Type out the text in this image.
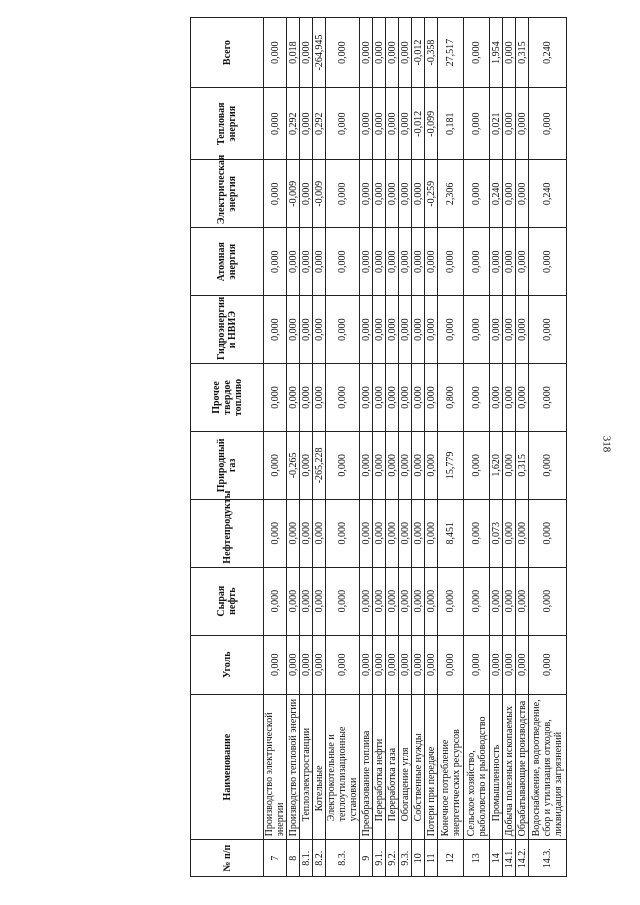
№ п/п	Наименование	Уголь	Сырая нефть	Нефтепродукты	Природный газ	Прочее твердое топливо	Гидроэнергия и НВИЭ	Атомная энергия	Электрическая энергия	Тепловая энергия	Всего
7	Производство электрической энергии	0,000	0,000	0,000	0,000	0,000	0,000	0,000	0,000	0,000	0,000
8	Производство тепловой энергии	0,000	0,000	0,000	-0,265	0,000	0,000	0,000	-0,009	0,292	0,018
8.1.	Теплоэлектростанции	0,000	0,000	0,000	0,000	0,000	0,000	0,000	0,000	0,000	0,000
8.2.	Котельные	0,000	0,000	0,000	-265,228	0,000	0,000	0,000	-0,009	0,292	-264,945
8.3.	Электрокотельные и теплоутилизационные установки	0,000	0,000	0,000	0,000	0,000	0,000	0,000	0,000	0,000	0,000
9	Преобразование топлива	0,000	0,000	0,000	0,000	0,000	0,000	0,000	0,000	0,000	0,000
9.1.	Переработка нефти	0,000	0,000	0,000	0,000	0,000	0,000	0,000	0,000	0,000	0,000
9.2.	Переработка газа	0,000	0,000	0,000	0,000	0,000	0,000	0,000	0,000	0,000	0,000
9.3.	Обогащение угля	0,000	0,000	0,000	0,000	0,000	0,000	0,000	0,000	0,000	0,000
10	Собственные нужды	0,000	0,000	0,000	0,000	0,000	0,000	0,000	0,000	-0,012	-0,012
11	Потери при передаче	0,000	0,000	0,000	0,000	0,000	0,000	0,000	-0,259	-0,099	-0,358
12	Конечное потребление энергетических ресурсов	0,000	0,000	8,451	15,779	0,800	0,000	0,000	2,306	0,181	27,517
13	Сельское хозяйство, рыболовство и рыбоводство	0,000	0,000	0,000	0,000	0,000	0,000	0,000	0,000	0,000	0,000
14	Промышленность	0,000	0,000	0,073	1,620	0,000	0,000	0,000	0,240	0,021	1,954
14.1.	Добыча полезных ископаемых	0,000	0,000	0,000	0,000	0,000	0,000	0,000	0,000	0,000	0,000
14.2.	Обрабатывающие производства	0,000	0,000	0,000	0,315	0,000	0,000	0,000	0,000	0,000	0,315
14.3.	Водоснабжение, водоотведение, сбор и утилизация отходов, ликвидация загрязнений	0,000	0,000	0,000	0,000	0,000	0,000	0,000	0,240	0,000	0,240
318
